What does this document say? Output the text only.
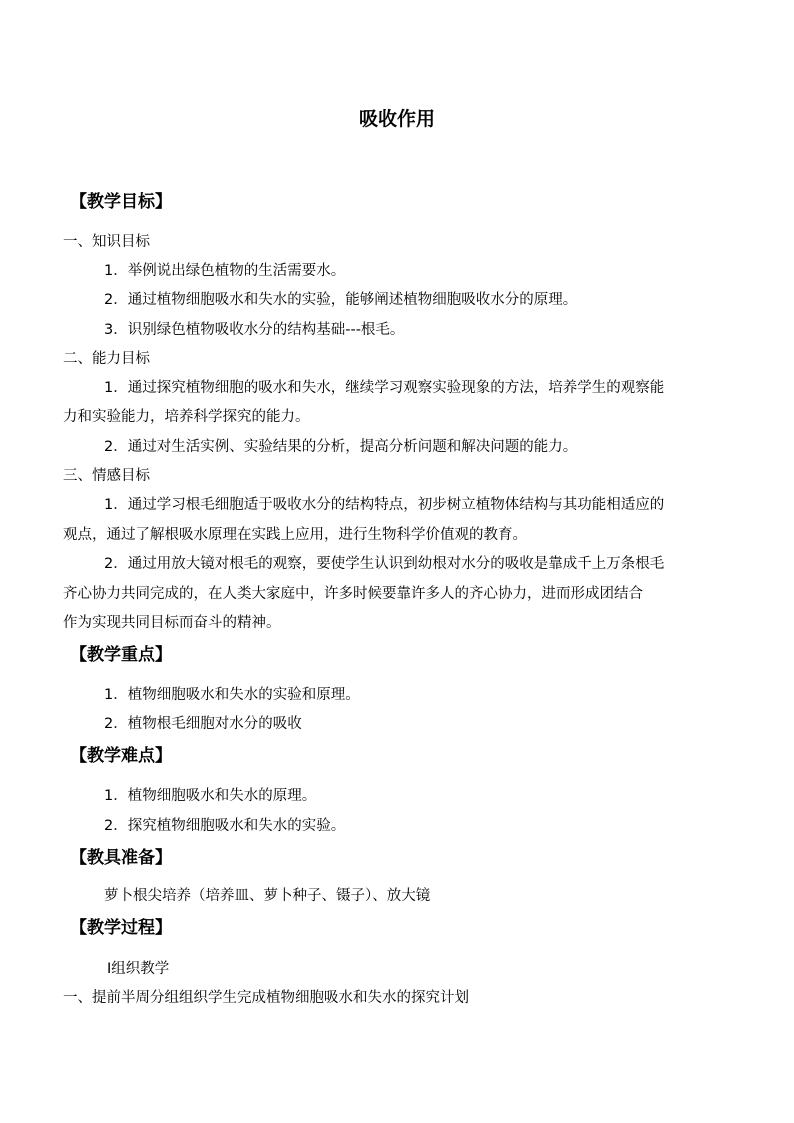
吸收作用
【教学目标】
一、知识目标
1．举例说出绿色植物的生活需要水。
2．通过植物细胞吸水和失水的实验，能够阐述植物细胞吸收水分的原理。
3．识别绿色植物吸收水分的结构基础---根毛。
二、能力目标
1．通过探究植物细胞的吸水和失水，继续学习观察实验现象的方法，培养学生的观察能
力和实验能力，培养科学探究的能力。
2．通过对生活实例、实验结果的分析，提高分析问题和解决问题的能力。
三、情感目标
1．通过学习根毛细胞适于吸收水分的结构特点，初步树立植物体结构与其功能相适应的
观点，通过了解根吸水原理在实践上应用，进行生物科学价值观的教育。
2．通过用放大镜对根毛的观察，要使学生认识到幼根对水分的吸收是靠成千上万条根毛
齐心协力共同完成的，在人类大家庭中，许多时候要靠许多人的齐心协力，进而形成团结合
作为实现共同目标而奋斗的精神。
【教学重点】
1．植物细胞吸水和失水的实验和原理。
2．植物根毛细胞对水分的吸收
【教学难点】
1．植物细胞吸水和失水的原理。
2．探究植物细胞吸水和失水的实验。
【教具准备】
萝卜根尖培养（培养皿、萝卜种子、镊子）、放大镜
【教学过程】
Ⅰ组织教学
一、提前半周分组组织学生完成植物细胞吸水和失水的探究计划
